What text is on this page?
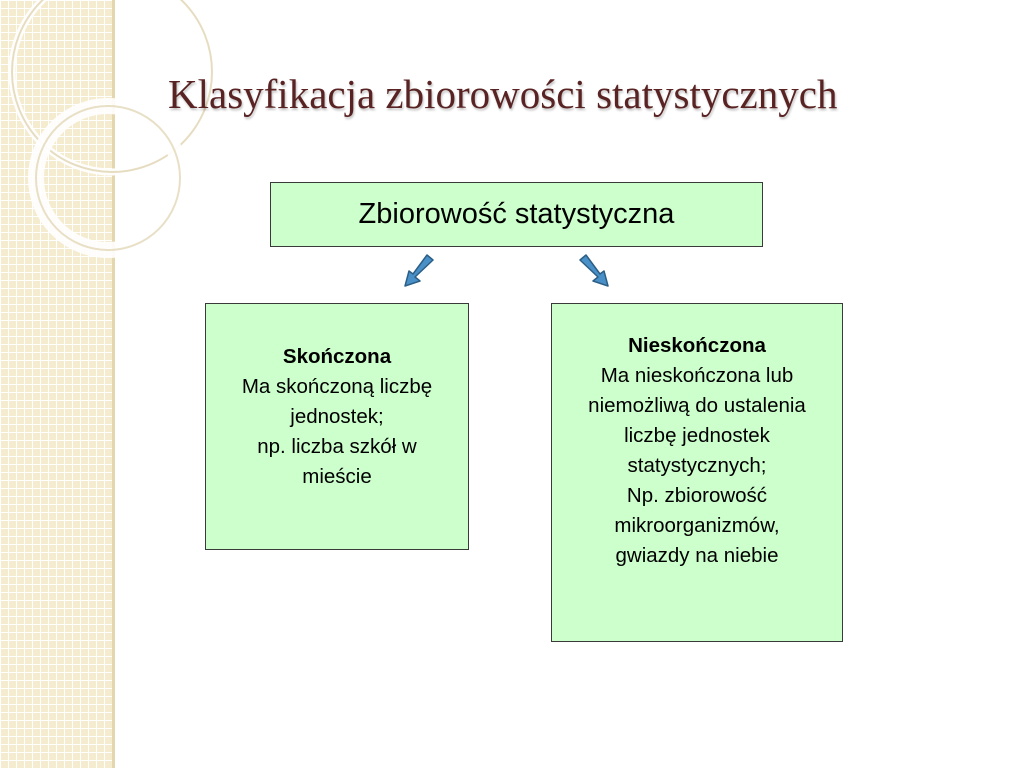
Klasyfikacja zbiorowości statystycznych
Zbiorowość statystyczna
Skończona
Ma skończoną liczbę
jednostek;
np. liczba szkół w
mieście
Nieskończona
Ma nieskończona lub
niemożliwą do ustalenia
liczbę jednostek
statystycznych;
Np. zbiorowość
mikroorganizmów,
gwiazdy na niebie
